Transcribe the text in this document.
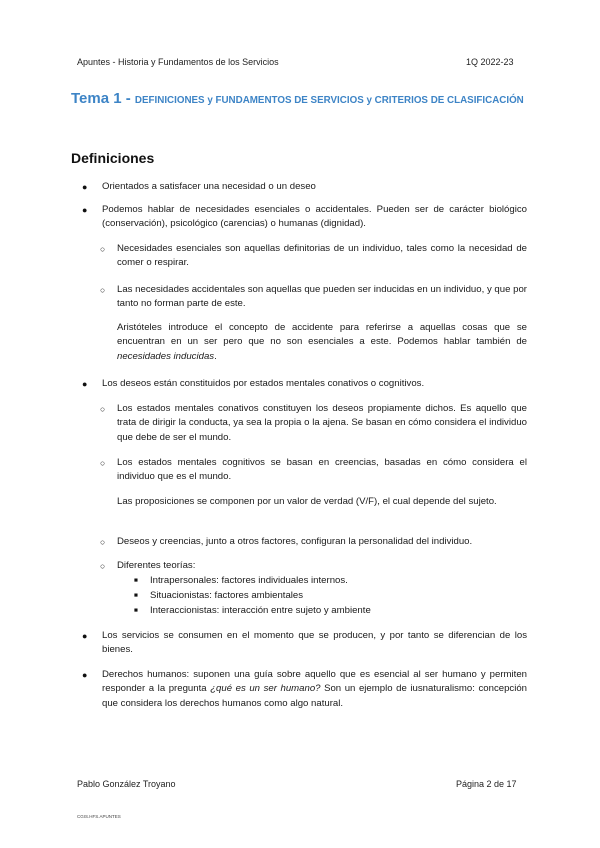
Apuntes - Historia y Fundamentos de los Servicios	1Q 2022-23
Tema 1 - DEFINICIONES y FUNDAMENTOS DE SERVICIOS y CRITERIOS DE CLASIFICACIÓN
Definiciones
● Orientados a satisfacer una necesidad o un deseo
● Podemos hablar de necesidades esenciales o accidentales. Pueden ser de carácter biológico (conservación), psicológico (carencias) o humanas (dignidad).
○ Necesidades esenciales son aquellas definitorias de un individuo, tales como la necesidad de comer o respirar.
○ Las necesidades accidentales son aquellas que pueden ser inducidas en un individuo, y que por tanto no forman parte de este.
Aristóteles introduce el concepto de accidente para referirse a aquellas cosas que se encuentran en un ser pero que no son esenciales a este. Podemos hablar también de necesidades inducidas.
● Los deseos están constituidos por estados mentales conativos o cognitivos.
○ Los estados mentales conativos constituyen los deseos propiamente dichos. Es aquello que trata de dirigir la conducta, ya sea la propia o la ajena. Se basan en cómo considera el individuo que debe de ser el mundo.
○ Los estados mentales cognitivos se basan en creencias, basadas en cómo considera el individuo que es el mundo.
Las proposiciones se componen por un valor de verdad (V/F), el cual depende del sujeto.
○ Deseos y creencias, junto a otros factores, configuran la personalidad del individuo.
○ Diferentes teorías:
■ Intrapersonales: factores individuales internos.
■ Situacionistas: factores ambientales
■ Interaccionistas: interacción entre sujeto y ambiente
● Los servicios se consumen en el momento que se producen, y por tanto se diferencian de los bienes.
● Derechos humanos: suponen una guía sobre aquello que es esencial al ser humano y permiten responder a la pregunta ¿qué es un ser humano? Son un ejemplo de iusnaturalismo: concepción que considera los derechos humanos como algo natural.
Pablo González Troyano	Página 2 de 17
CGIS.HFS.APUNTES
